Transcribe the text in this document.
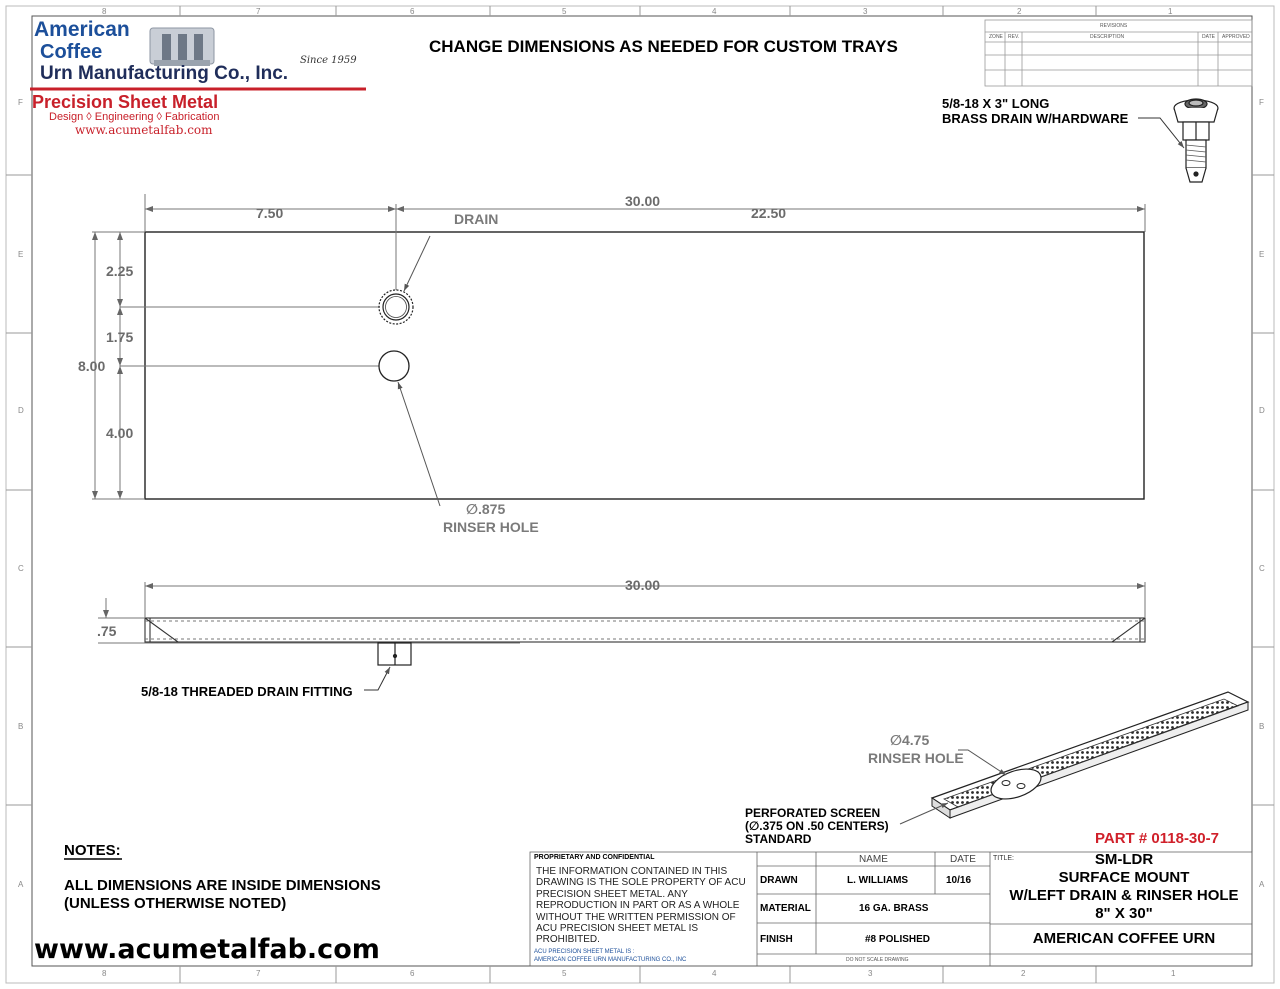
8	7	6	5	4	3	2	1
8	7	6	5	4	3	2	1
F
E
D
C
B
A
F
E
D
C
B
A
American
Coffee
Urn Manufacturing Co., Inc.
Since 1959
Precision Sheet Metal
Design ◊ Engineering ◊ Fabrication
www.acumetalfab.com
CHANGE DIMENSIONS AS NEEDED FOR CUSTOM TRAYS
REVISIONS
ZONE REV.	DESCRIPTION	DATE APPROVED
5/8-18 X 3" LONG
BRASS DRAIN W/HARDWARE
30.00
7.50	22.50
DRAIN
2.25
1.75
8.00
4.00
∅.875
RINSER HOLE
30.00
.75
5/8-18 THREADED DRAIN FITTING
∅4.75
RINSER HOLE
PERFORATED SCREEN
(∅.375 ON .50 CENTERS)
STANDARD
NOTES:
ALL DIMENSIONS ARE INSIDE DIMENSIONS
(UNLESS OTHERWISE NOTED)
www.acumetalfab.com
PROPRIETARY AND CONFIDENTIAL
THE INFORMATION CONTAINED IN THIS DRAWING IS THE SOLE PROPERTY OF ACU PRECISION SHEET METAL. ANY REPRODUCTION IN PART OR AS A WHOLE WITHOUT THE WRITTEN PERMISSION OF ACU PRECISION SHEET METAL IS PROHIBITED.
ACU PRECISION SHEET METAL IS :
AMERICAN COFFEE URN MANUFACTURING CO., INC
NAME	DATE
DRAWN	L. WILLIAMS	10/16
MATERIAL	16 GA. BRASS
FINISH	#8 POLISHED
DO NOT SCALE DRAWING
TITLE:
PART # 0118-30-7
SM-LDR
SURFACE MOUNT
W/LEFT DRAIN & RINSER HOLE
8" X 30"
AMERICAN COFFEE URN
